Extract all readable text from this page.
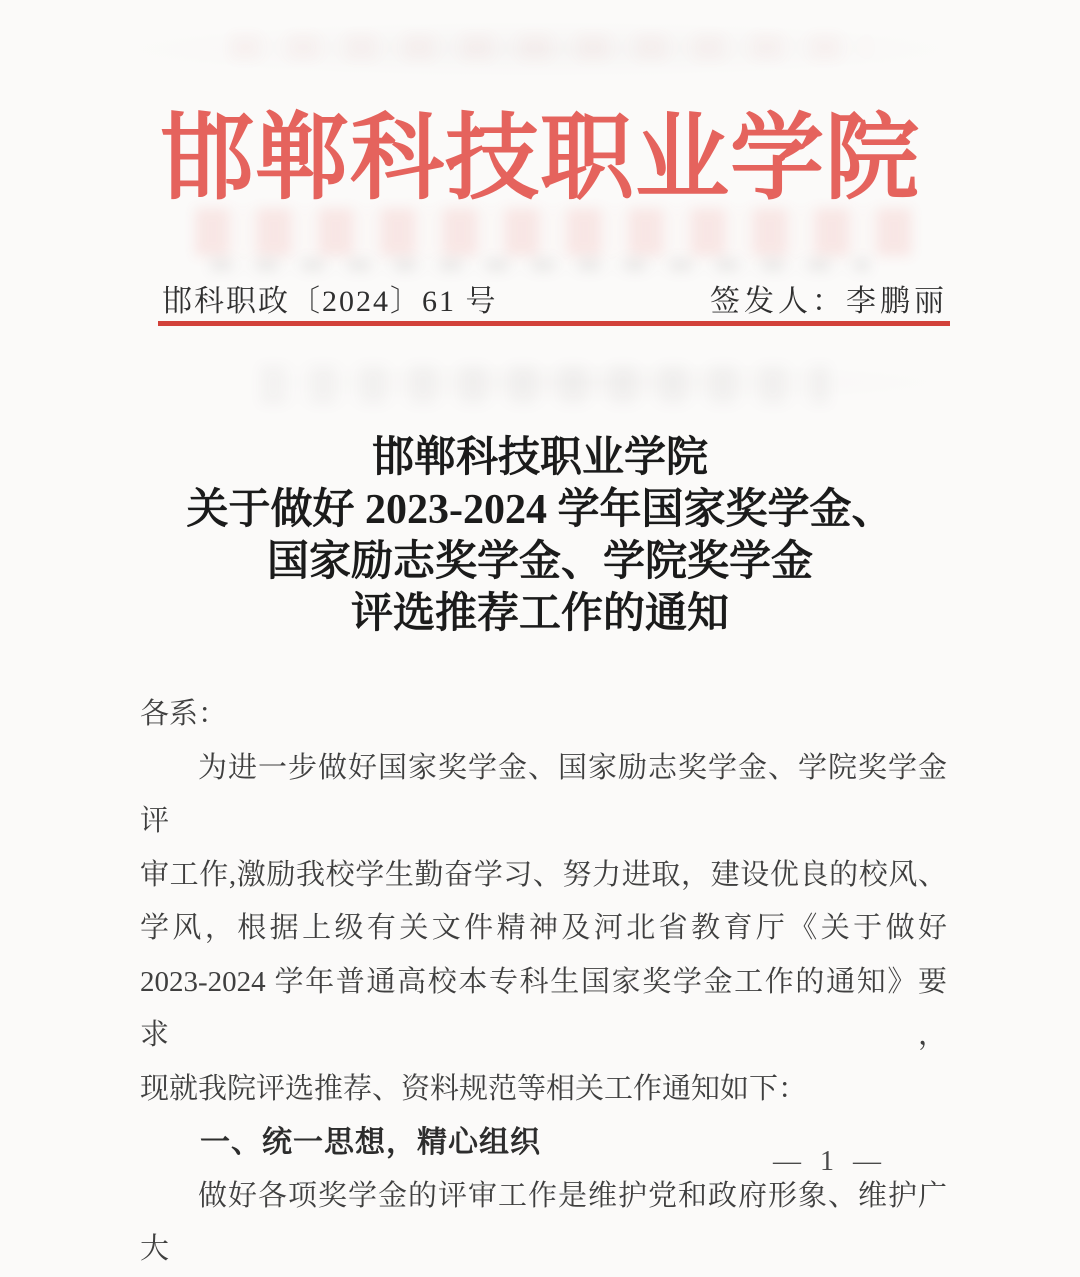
邯郸科技职业学院
邯科职政〔2024〕61 号	签发人：李鹏丽
邯郸科技职业学院
关于做好 2023-2024 学年国家奖学金、
国家励志奖学金、学院奖学金
评选推荐工作的通知
各系：
为进一步做好国家奖学金、国家励志奖学金、学院奖学金评
审工作,激励我校学生勤奋学习、努力进取，建设优良的校风、
学风，根据上级有关文件精神及河北省教育厅《关于做好
2023-2024 学年普通高校本专科生国家奖学金工作的通知》要求，
现就我院评选推荐、资料规范等相关工作通知如下：
一、统一思想，精心组织
做好各项奖学金的评审工作是维护党和政府形象、维护广大
— 1 —
